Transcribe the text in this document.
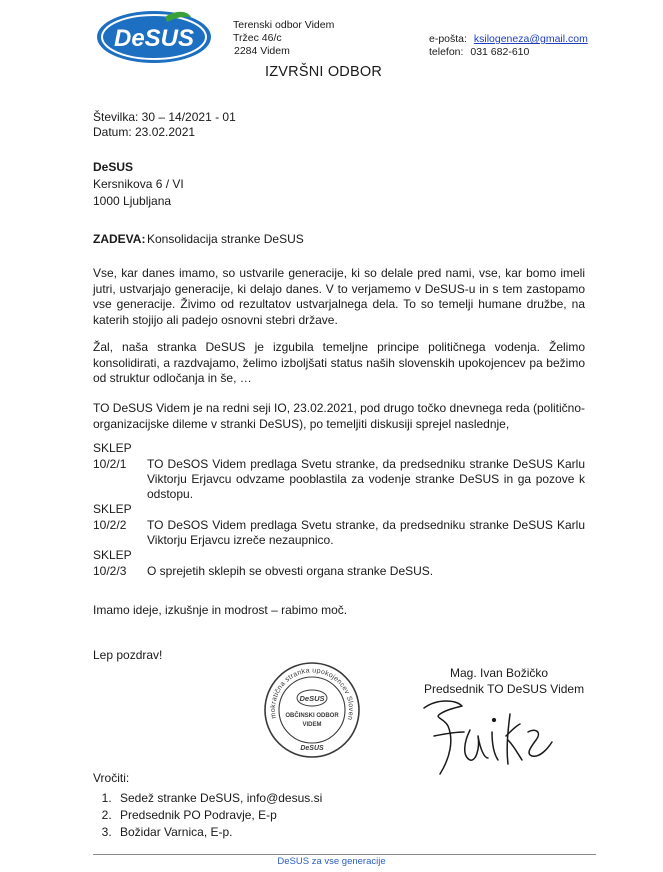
DeSUS	Terenski odbor Videm
Tržec 46/c
2284 Videm
e-pošta: ksilogeneza@gmail.com
telefon: 031 682-610
IZVRŠNI ODBOR
Številka: 30 – 14/2021 - 01
Datum: 23.02.2021
DeSUS
Kersnikova 6 / VI
1000 Ljubljana
ZADEVA: Konsolidacija stranke DeSUS
Vse, kar danes imamo, so ustvarile generacije, ki so delale pred nami, vse, kar bomo imeli jutri, ustvarjajo generacije, ki delajo danes. V to verjamemo v DeSUS-u in s tem zastopamo vse generacije. Živimo od rezultatov ustvarjalnega dela. To so temelji humane družbe, na katerih stojijo ali padejo osnovni stebri države.
Žal, naša stranka DeSUS je izgubila temeljne principe političnega vodenja. Želimo konsolidirati, a razdvajamo, želimo izboljšati status naših slovenskih upokojencev pa bežimo od struktur odločanja in še, …
TO DeSUS Videm je na redni seji IO, 23.02.2021, pod drugo točko dnevnega reda (politično-organizacijske dileme v stranki DeSUS), po temeljiti diskusiji sprejel naslednje,
SKLEP
10/2/1 TO DeSOS Videm predlaga Svetu stranke, da predsedniku stranke DeSUS Karlu Viktorju Erjavcu odvzame pooblastila za vodenje stranke DeSUS in ga pozove k odstopu.
SKLEP
10/2/2 TO DeSOS Videm predlaga Svetu stranke, da predsedniku stranke DeSUS Karlu Viktorju Erjavcu izreče nezaupnico.
SKLEP
10/2/3 O sprejetih sklepih se obvesti organa stranke DeSUS.
Imamo ideje, izkušnje in modrost – rabimo moč.
Lep pozdrav!
Mag. Ivan Božičko
Predsednik TO DeSUS Videm
mokratična stranka upokojencev Sloven
DeSUS
OBČINSKI ODBOR
VIDEM
DeSUS
Vročiti:
1. Sedež stranke DeSUS, info@desus.si
2. Predsednik PO Podravje, E-p
3. Božidar Varnica, E-p.
DeSUS za vse generacije
